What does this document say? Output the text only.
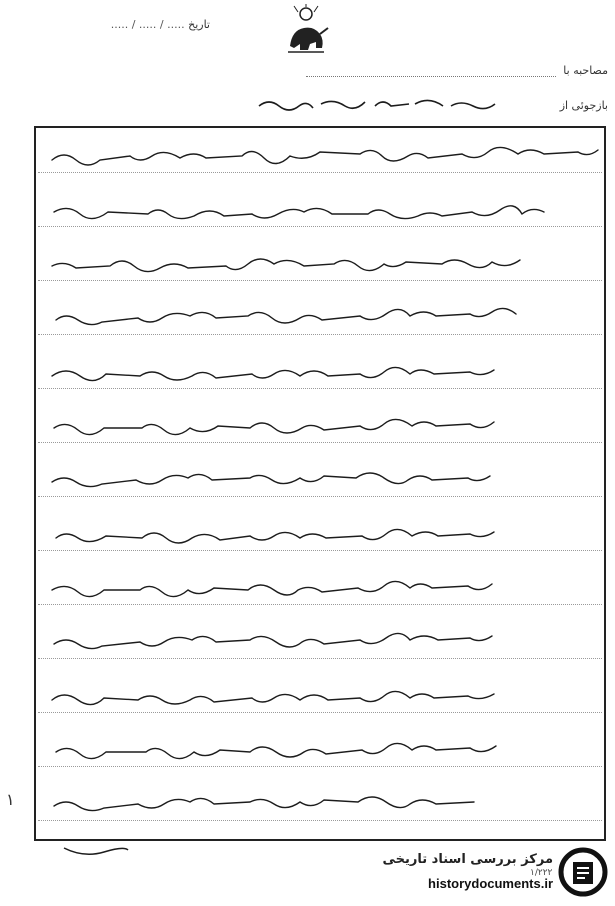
تاریخ ..... / ..... / .....
مصاحبه با
بازجوئی از
۱
۱/۲۲۲
مرکز بررسی اسناد تاریخی
historydocuments.ir
